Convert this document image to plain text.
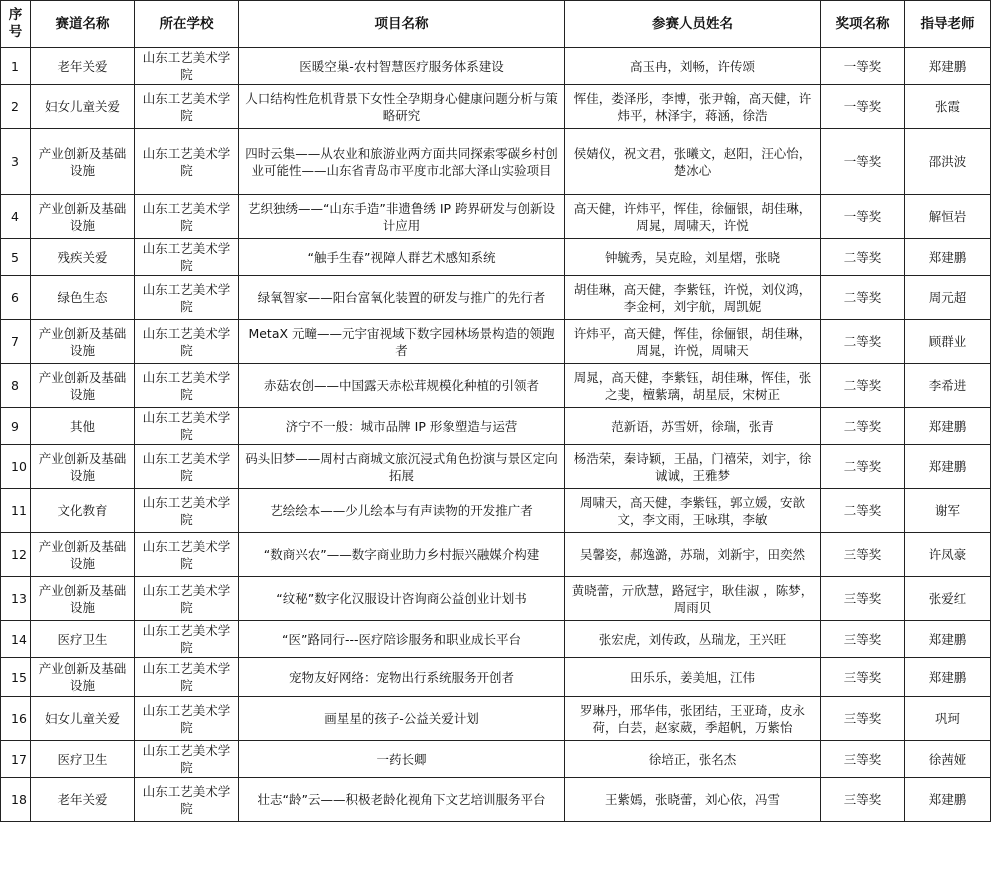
序号	赛道名称	所在学校	项目名称	参赛人员姓名	奖项名称	指导老师
1	老年关爱	山东工艺美术学院	医暖空巢-农村智慧医疗服务体系建设	高玉冉，刘畅，许传颂	一等奖	郑建鹏
2	妇女儿童关爱	山东工艺美术学院	人口结构性危机背景下女性全孕期身心健康问题分析与策略研究	恽佳，娄泽彤，李博，张尹翰，高天健，许炜平，林泽宇，蒋涵，徐浩	一等奖	张霞
3	产业创新及基础设施	山东工艺美术学院	四时云集——从农业和旅游业两方面共同探索零碳乡村创业可能性——山东省青岛市平度市北部大泽山实验项目	侯婧仪，祝文君，张曦文，赵阳，汪心怡，楚冰心	一等奖	邵洪波
4	产业创新及基础设施	山东工艺美术学院	艺织独绣——“山东手造”非遗鲁绣 IP 跨界研发与创新设计应用	高天健，许炜平，恽佳，徐俪银，胡佳琳，周晁，周啸天，许悦	一等奖	解恒岩
5	残疾关爱	山东工艺美术学院	“触手生春”视障人群艺术感知系统	钟毓秀，吴克睑，刘星熠，张晓	二等奖	郑建鹏
6	绿色生态	山东工艺美术学院	绿氧智家——阳台富氧化装置的研发与推广的先行者	胡佳琳，高天健，李紫钰，许悦，刘仪鸿，李金柯，刘宇航，周凯妮	二等奖	周元超
7	产业创新及基础设施	山东工艺美术学院	MetaX 元疃——元宇宙视域下数字园林场景构造的领跑者	许炜平，高天健，恽佳，徐俪银，胡佳琳，周晁，许悦，周啸天	二等奖	顾群业
8	产业创新及基础设施	山东工艺美术学院	赤菇农创——中国露天赤松茸规模化种植的引领者	周晁，高天健，李紫钰，胡佳琳，恽佳，张之斐，檀紫璃，胡星辰，宋树正	二等奖	李希进
9	其他	山东工艺美术学院	济宁不一般：城市品牌 IP 形象塑造与运营	范新语，苏雪妍，徐瑞，张青	二等奖	郑建鹏
10	产业创新及基础设施	山东工艺美术学院	码头旧梦——周村古商城文旅沉浸式角色扮演与景区定向拓展	杨浩荣，秦诗颖，王晶，门禧荣，刘宇，徐诚诚，王雅梦	二等奖	郑建鹏
11	文化教育	山东工艺美术学院	艺绘绘本——少儿绘本与有声读物的开发推广者	周啸天，高天健，李紫钰，郭立媛，安歆文，李文雨，王咏琪，李敏	二等奖	谢军
12	产业创新及基础设施	山东工艺美术学院	“数商兴农”——数字商业助力乡村振兴融媒介构建	吴馨姿，郝逸潞，苏瑞，刘新宇，田奕然	三等奖	许凤豪
13	产业创新及基础设施	山东工艺美术学院	“纹秘”数字化汉服设计咨询商公益创业计划书	黄晓蕾，亓欣慧，路冠宇，耿佳淑 ，陈梦，周雨贝	三等奖	张爱红
14	医疗卫生	山东工艺美术学院	“医”路同行---医疗陪诊服务和职业成长平台	张宏虎，刘传政，丛瑞龙，王兴旺	三等奖	郑建鹏
15	产业创新及基础设施	山东工艺美术学院	宠物友好网络：宠物出行系统服务开创者	田乐乐，姜美旭，江伟	三等奖	郑建鹏
16	妇女儿童关爱	山东工艺美术学院	画星星的孩子-公益关爱计划	罗琳丹，邢华伟，张团结，王亚琦，皮永荷，白芸，赵家葳，季超帆，万紫怡	三等奖	巩珂
17	医疗卫生	山东工艺美术学院	一药长卿	徐培正，张名杰	三等奖	徐茜娅
18	老年关爱	山东工艺美术学院	壮志“龄”云——积极老龄化视角下文艺培训服务平台	王紫嫣，张晓蕾，刘心依，冯雪	三等奖	郑建鹏
